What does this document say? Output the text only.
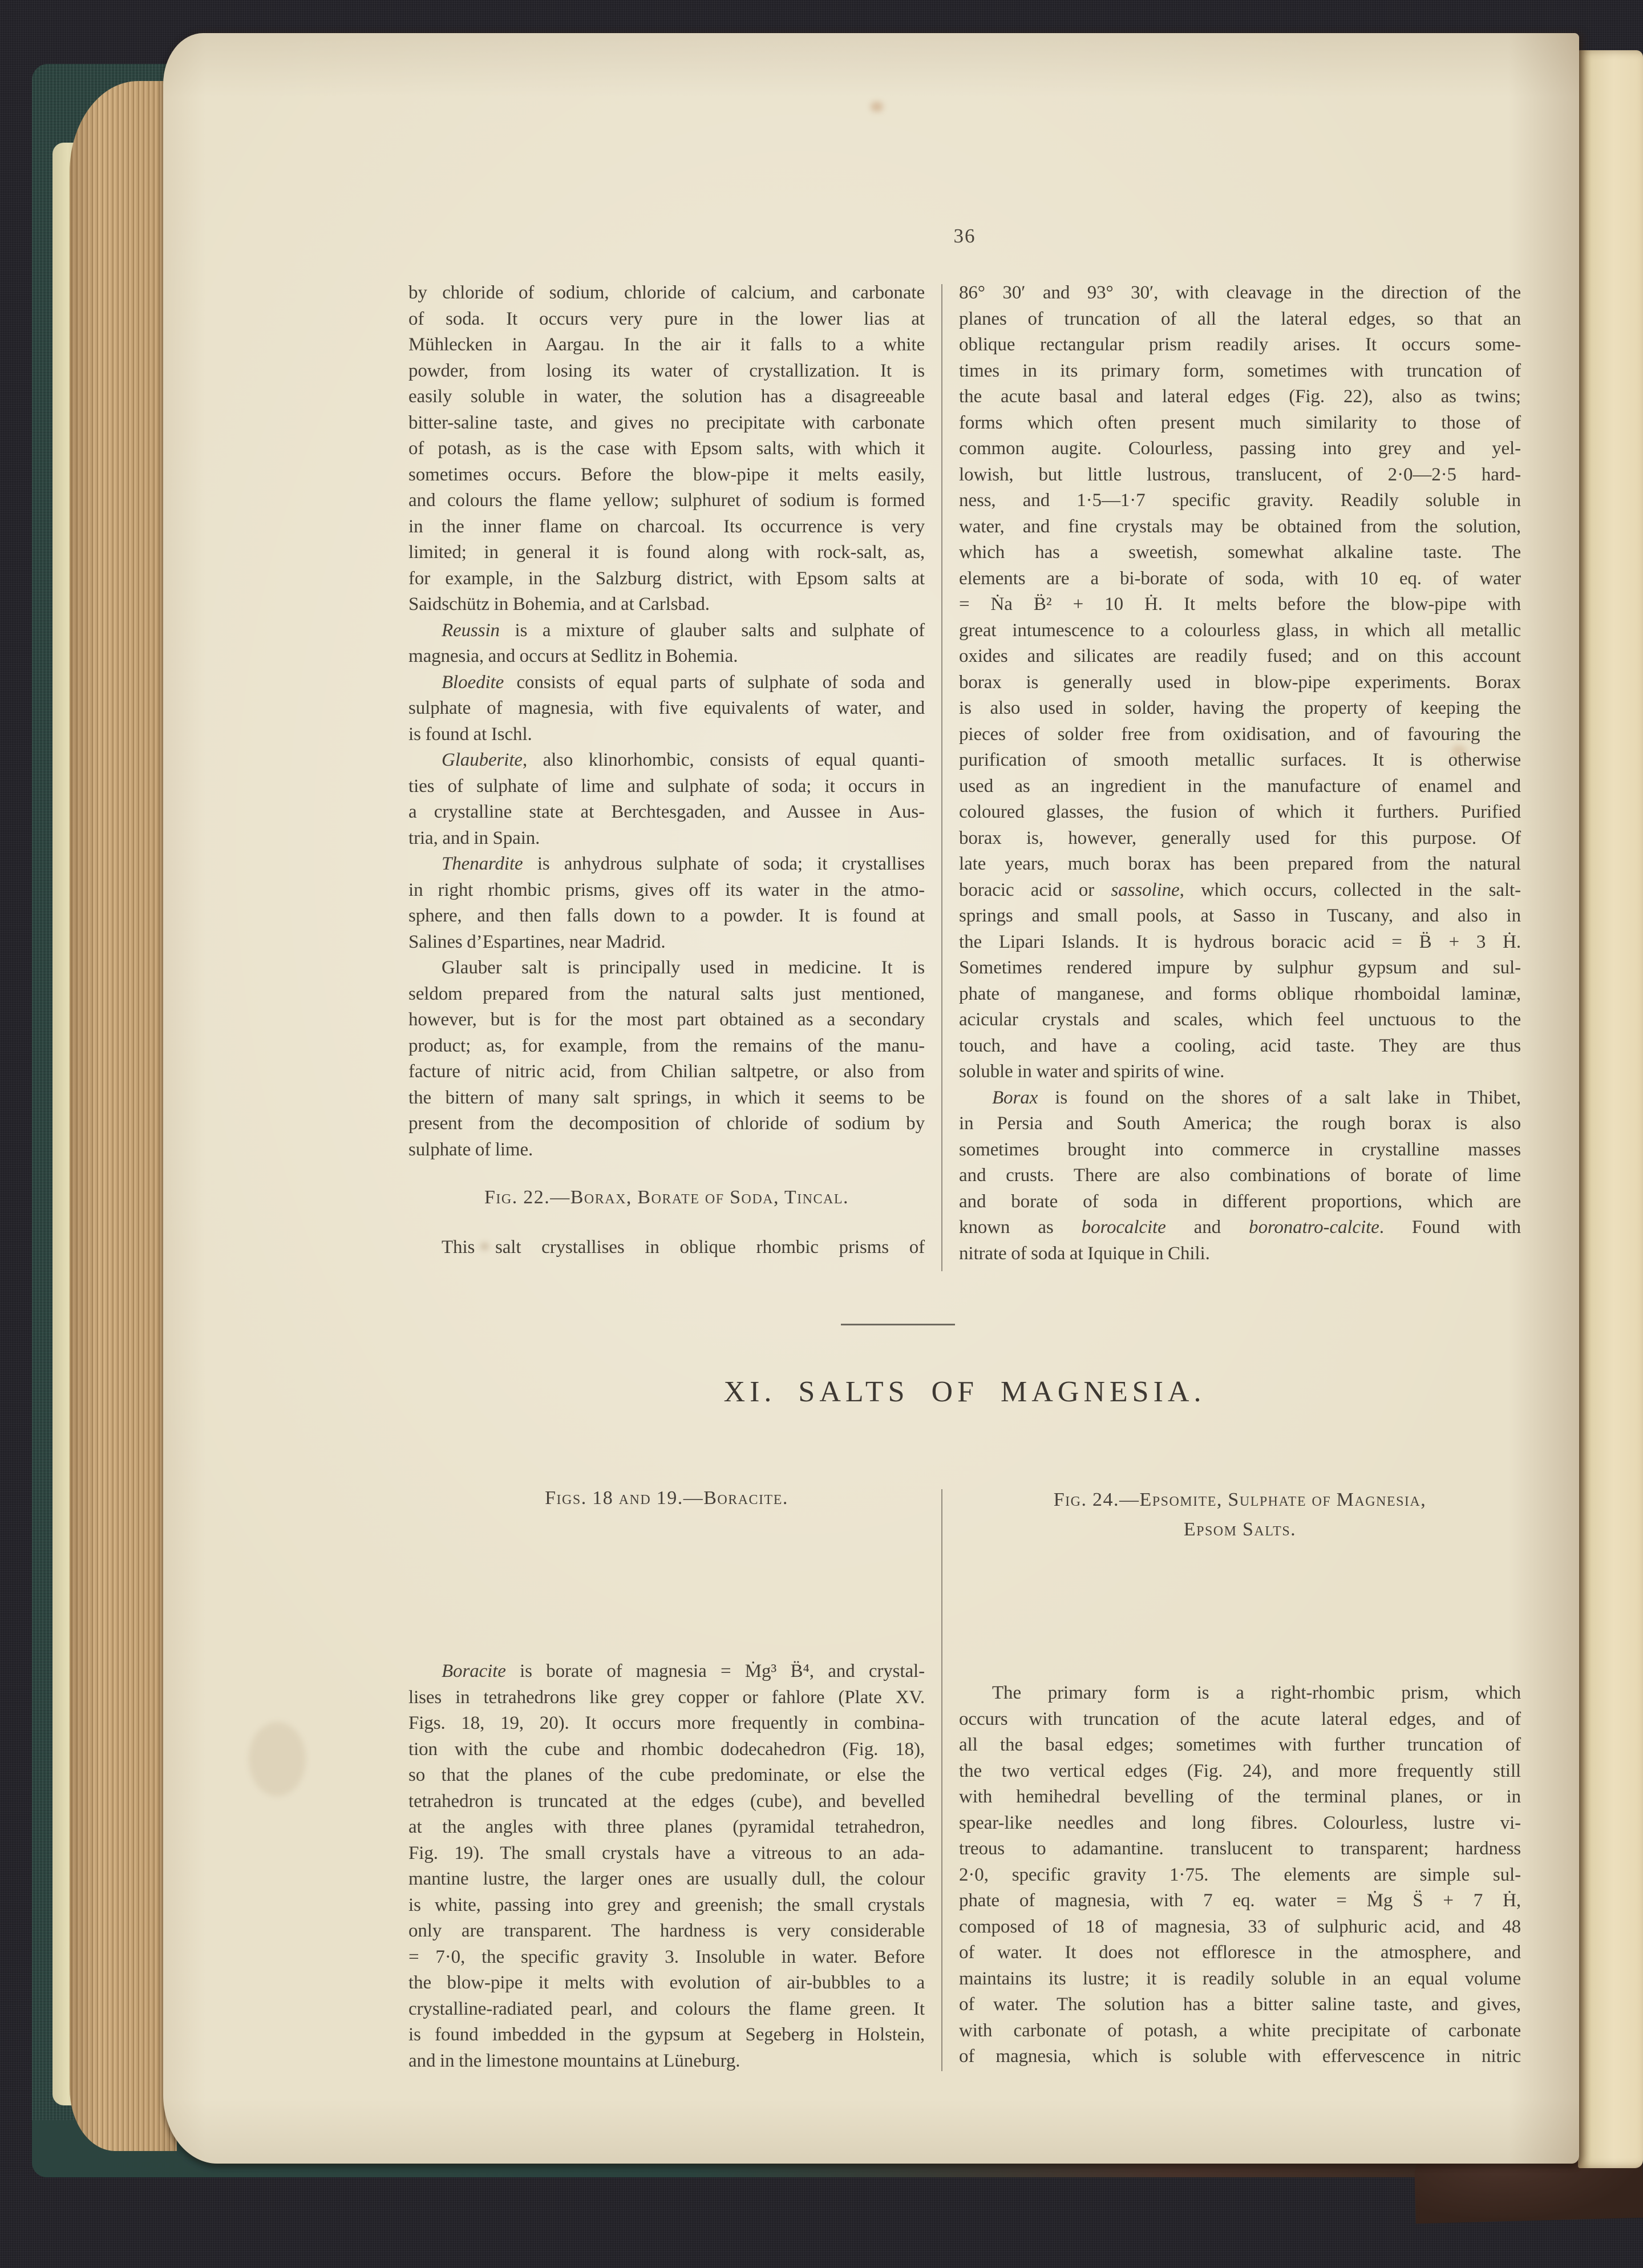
36
by chloride of sodium, chloride of calcium, and carbonate
of soda. It occurs very pure in the lower lias at
Mühlecken in Aargau. In the air it falls to a white
powder, from losing its water of crystallization. It is
easily soluble in water, the solution has a disagreeable
bitter-saline taste, and gives no precipitate with carbonate
of potash, as is the case with Epsom salts, with which it
sometimes occurs. Before the blow-pipe it melts easily,
and colours the flame yellow; sulphuret of sodium is formed
in the inner flame on charcoal. Its occurrence is very
limited; in general it is found along with rock-salt, as,
for example, in the Salzburg district, with Epsom salts at
Saidschütz in Bohemia, and at Carlsbad.
Reussin is a mixture of glauber salts and sulphate of
magnesia, and occurs at Sedlitz in Bohemia.
Bloedite consists of equal parts of sulphate of soda and
sulphate of magnesia, with five equivalents of water, and
is found at Ischl.
Glauberite, also klinorhombic, consists of equal quanti-
ties of sulphate of lime and sulphate of soda; it occurs in
a crystalline state at Berchtesgaden, and Aussee in Aus-
tria, and in Spain.
Thenardite is anhydrous sulphate of soda; it crystallises
in right rhombic prisms, gives off its water in the atmo-
sphere, and then falls down to a powder. It is found at
Salines d’Espartines, near Madrid.
Glauber salt is principally used in medicine. It is
seldom prepared from the natural salts just mentioned,
however, but is for the most part obtained as a secondary
product; as, for example, from the remains of the manu-
facture of nitric acid, from Chilian saltpetre, or also from
the bittern of many salt springs, in which it seems to be
present from the decomposition of chloride of sodium by
sulphate of lime.
Fig. 22.—Borax, Borate of Soda, Tincal.
This salt crystallises in oblique rhombic prisms of
86° 30′ and 93° 30′, with cleavage in the direction of the
planes of truncation of all the lateral edges, so that an
oblique rectangular prism readily arises. It occurs some-
times in its primary form, sometimes with truncation of
the acute basal and lateral edges (Fig. 22), also as twins;
forms which often present much similarity to those of
common augite. Colourless, passing into grey and yel-
lowish, but little lustrous, translucent, of 2·0—2·5 hard-
ness, and 1·5—1·7 specific gravity. Readily soluble in
water, and fine crystals may be obtained from the solution,
which has a sweetish, somewhat alkaline taste. The
elements are a bi-borate of soda, with 10 eq. of water
= Ṅa B̈² + 10 Ḣ. It melts before the blow-pipe with
great intumescence to a colourless glass, in which all metallic
oxides and silicates are readily fused; and on this account
borax is generally used in blow-pipe experiments. Borax
is also used in solder, having the property of keeping the
pieces of solder free from oxidisation, and of favouring the
purification of smooth metallic surfaces. It is otherwise
used as an ingredient in the manufacture of enamel and
coloured glasses, the fusion of which it furthers. Purified
borax is, however, generally used for this purpose. Of
late years, much borax has been prepared from the natural
boracic acid or sassoline, which occurs, collected in the salt-
springs and small pools, at Sasso in Tuscany, and also in
the Lipari Islands. It is hydrous boracic acid = B̈ + 3 Ḣ.
Sometimes rendered impure by sulphur gypsum and sul-
phate of manganese, and forms oblique rhomboidal laminæ,
acicular crystals and scales, which feel unctuous to the
touch, and have a cooling, acid taste. They are thus
soluble in water and spirits of wine.
Borax is found on the shores of a salt lake in Thibet,
in Persia and South America; the rough borax is also
sometimes brought into commerce in crystalline masses
and crusts. There are also combinations of borate of lime
and borate of soda in different proportions, which are
known as borocalcite and boronatro-calcite. Found with
nitrate of soda at Iquique in Chili.
XI. SALTS OF MAGNESIA.
Figs. 18 and 19.—Boracite.
Boracite is borate of magnesia = Ṁg³ B̈⁴, and crystal-
lises in tetrahedrons like grey copper or fahlore (Plate XV.
Figs. 18, 19, 20). It occurs more frequently in combina-
tion with the cube and rhombic dodecahedron (Fig. 18),
so that the planes of the cube predominate, or else the
tetrahedron is truncated at the edges (cube), and bevelled
at the angles with three planes (pyramidal tetrahedron,
Fig. 19). The small crystals have a vitreous to an ada-
mantine lustre, the larger ones are usually dull, the colour
is white, passing into grey and greenish; the small crystals
only are transparent. The hardness is very considerable
= 7·0, the specific gravity 3. Insoluble in water. Before
the blow-pipe it melts with evolution of air-bubbles to a
crystalline-radiated pearl, and colours the flame green. It
is found imbedded in the gypsum at Segeberg in Holstein,
and in the limestone mountains at Lüneburg.
Fig. 24.—Epsomite, Sulphate of Magnesia,
Epsom Salts.
The primary form is a right-rhombic prism, which
occurs with truncation of the acute lateral edges, and of
all the basal edges; sometimes with further truncation of
the two vertical edges (Fig. 24), and more frequently still
with hemihedral bevelling of the terminal planes, or in
spear-like needles and long fibres. Colourless, lustre vi-
treous to adamantine. translucent to transparent; hardness
2·0, specific gravity 1·75. The elements are simple sul-
phate of magnesia, with 7 eq. water = Ṁg S̈ + 7 Ḣ,
composed of 18 of magnesia, 33 of sulphuric acid, and 48
of water. It does not effloresce in the atmosphere, and
maintains its lustre; it is readily soluble in an equal volume
of water. The solution has a bitter saline taste, and gives,
with carbonate of potash, a white precipitate of carbonate
of magnesia, which is soluble with effervescence in nitric
